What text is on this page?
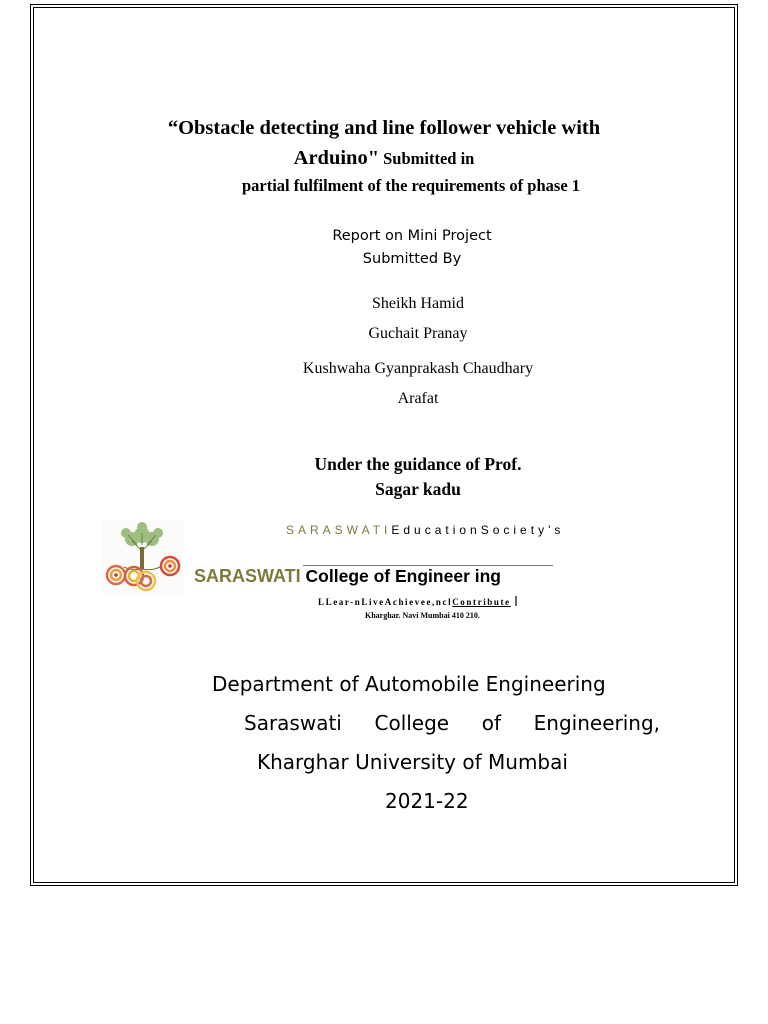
“Obstacle detecting and line follower vehicle with
Arduino" Submitted in
partial fulfilment of the requirements of phase 1
Report on Mini Project
Submitted By
Sheikh Hamid
Guchait Pranay
Kushwaha Gyanprakash Chaudhary
Arafat
Under the guidance of Prof.
Sagar kadu
SARASWATIEducationSociety's
SARASWATI College of Engineer ing
LLear-nLiveAchievee,nclContribute
Kharghar. Navi Mumbai 410 210.
Department of Automobile Engineering
Saraswati College of Engineering,
Kharghar University of Mumbai
2021-22
